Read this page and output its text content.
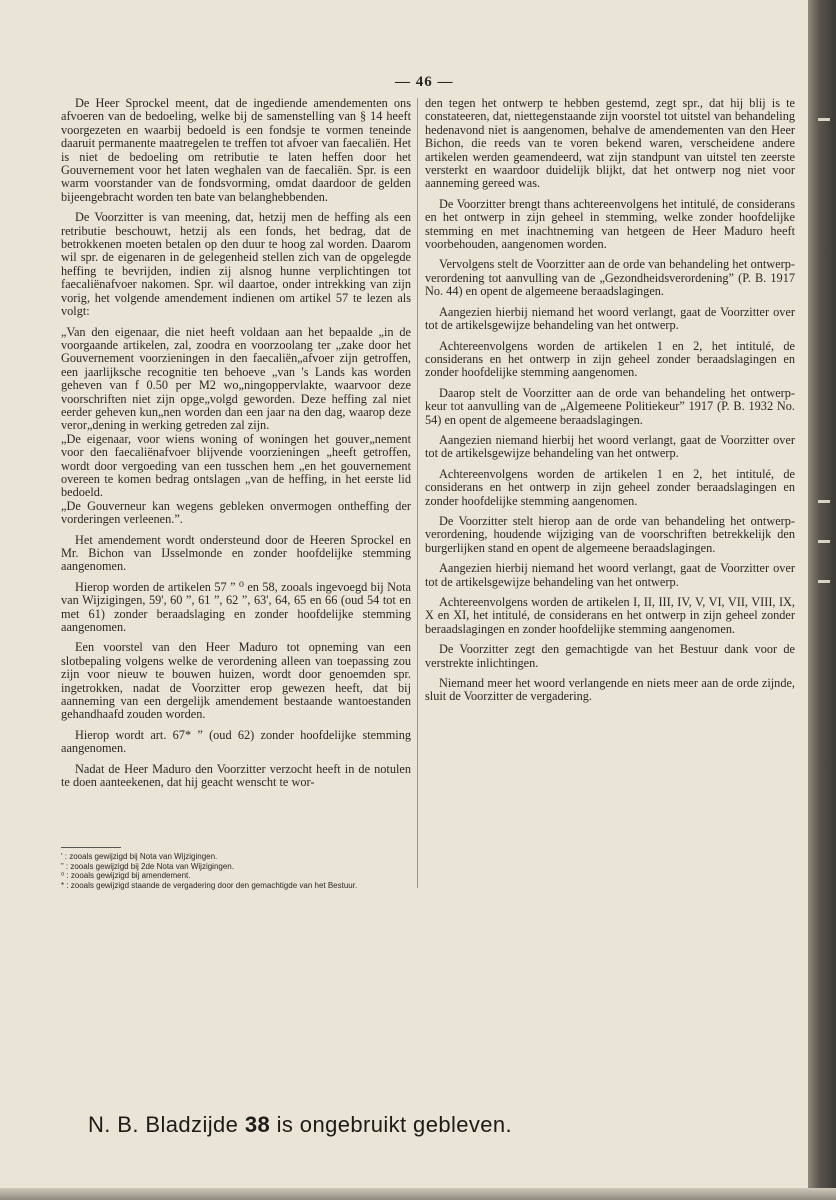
— 46 —

De Heer Sprockel meent, dat de ingediende amendementen ons afvoeren van de bedoeling, welke bij de samenstelling van § 14 heeft voorgezeten en waarbij bedoeld is een fondsje te vormen teneinde daaruit permanente maatregelen te treffen tot afvoer van faecaliën. Het is niet de bedoeling om retributie te laten heffen door het Gouvernement voor het laten weghalen van de faecaliën. Spr. is een warm voorstander van de fondsvorming, omdat daardoor de gelden bijeengebracht worden ten bate van belanghebbenden.

De Voorzitter is van meening, dat, hetzij men de heffing als een retributie beschouwt, hetzij als een fonds, het bedrag, dat de betrokkenen moeten betalen op den duur te hoog zal worden. Daarom wil spr. de eigenaren in de gelegenheid stellen zich van de opgelegde heffing te bevrijden, indien zij alsnog hunne verplichtingen tot faecaliënafvoer nakomen. Spr. wil daartoe, onder intrekking van zijn vorig, het volgende amendement indienen om artikel 57 te lezen als volgt:

„Van den eigenaar, die niet heeft voldaan aan het bepaalde „in de voorgaande artikelen, zal, zoodra en voorzoolang ter „zake door het Gouvernement voorzieningen in den faecaliën„afvoer zijn getroffen, een jaarlijksche recognitie ten behoeve „van 's Lands kas worden geheven van f 0.50 per M2 wo„ningoppervlakte, waarvoor deze voorschriften niet zijn opge„volgd geworden. Deze heffing zal niet eerder geheven kun„nen worden dan een jaar na den dag, waarop deze veror„dening in werking getreden zal zijn.

„De eigenaar, voor wiens woning of woningen het gouver„nement voor den faecaliënafvoer blijvende voorzieningen „heeft getroffen, wordt door vergoeding van een tusschen hem „en het gouvernement overeen te komen bedrag ontslagen „van de heffing, in het eerste lid bedoeld.

„De Gouverneur kan wegens gebleken onvermogen ontheffing der vorderingen verleenen.”.

Het amendement wordt ondersteund door de Heeren Sprockel en Mr. Bichon van IJsselmonde en zonder hoofdelijke stemming aangenomen.

Hierop worden de artikelen 57 ” ⁰ en 58, zooals ingevoegd bij Nota van Wijzigingen, 59', 60 ”, 61 ”, 62 ”, 63', 64, 65 en 66 (oud 54 tot en met 61) zonder beraadslaging en zonder hoofdelijke stemming aangenomen.

Een voorstel van den Heer Maduro tot opneming van een slotbepaling volgens welke de verordening alleen van toepassing zou zijn voor nieuw te bouwen huizen, wordt door genoemden spr. ingetrokken, nadat de Voorzitter erop gewezen heeft, dat bij aanneming van een dergelijk amendement bestaande wantoestanden gehandhaafd zouden worden.

Hierop wordt art. 67* ” (oud 62) zonder hoofdelijke stemming aangenomen.

Nadat de Heer Maduro den Voorzitter verzocht heeft in de notulen te doen aanteekenen, dat hij geacht wenscht te wor-

den tegen het ontwerp te hebben gestemd, zegt spr., dat hij blij is te constateeren, dat, niettegenstaande zijn voorstel tot uitstel van behandeling hedenavond niet is aangenomen, behalve de amendementen van den Heer Bichon, die reeds van te voren bekend waren, verscheidene andere artikelen werden geamendeerd, wat zijn standpunt van uitstel ten zeerste versterkt en waardoor duidelijk blijkt, dat het ontwerp nog niet voor aanneming gereed was.

De Voorzitter brengt thans achtereenvolgens het intitulé, de considerans en het ontwerp in zijn geheel in stemming, welke zonder hoofdelijke stemming en met inachtneming van hetgeen de Heer Maduro heeft voorbehouden, aangenomen worden.

Vervolgens stelt de Voorzitter aan de orde van behandeling het ontwerp-verordening tot aanvulling van de „Gezondheidsverordening” (P. B. 1917 No. 44) en opent de algemeene beraadslagingen.

Aangezien hierbij niemand het woord verlangt, gaat de Voorzitter over tot de artikelsgewijze behandeling van het ontwerp.

Achtereenvolgens worden de artikelen 1 en 2, het intitulé, de considerans en het ontwerp in zijn geheel zonder beraadslagingen en zonder hoofdelijke stemming aangenomen.

Daarop stelt de Voorzitter aan de orde van behandeling het ontwerp-keur tot aanvulling van de „Algemeene Politiekeur” 1917 (P. B. 1932 No. 54) en opent de algemeene beraadslagingen.

Aangezien niemand hierbij het woord verlangt, gaat de Voorzitter over tot de artikelsgewijze behandeling van het ontwerp.

Achtereenvolgens worden de artikelen 1 en 2, het intitulé, de considerans en het ontwerp in zijn geheel zonder beraadslagingen en zonder hoofdelijke stemming aangenomen.

De Voorzitter stelt hierop aan de orde van behandeling het ontwerp-verordening, houdende wijziging van de voorschriften betrekkelijk den burgerlijken stand en opent de algemeene beraadslagingen.

Aangezien hierbij niemand het woord verlangt, gaat de Voorzitter over tot de artikelsgewijze behandeling van het ontwerp.

Achtereenvolgens worden de artikelen I, II, III, IV, V, VI, VII, VIII, IX, X en XI, het intitulé, de considerans en het ontwerp in zijn geheel zonder beraadslagingen en zonder hoofdelijke stemming aangenomen.

De Voorzitter zegt den gemachtigde van het Bestuur dank voor de verstrekte inlichtingen.

Niemand meer het woord verlangende en niets meer aan de orde zijnde, sluit de Voorzitter de vergadering.

' : zooals gewijzigd bij Nota van Wijzigingen.
” : zooals gewijzigd bij 2de Nota van Wijzigingen.
⁰ : zooals gewijzigd bij amendement.
* : zooals gewijzigd staande de vergadering door den gemachtigde van het Bestuur.
N. B. Bladzijde 38 is ongebruikt gebleven.
